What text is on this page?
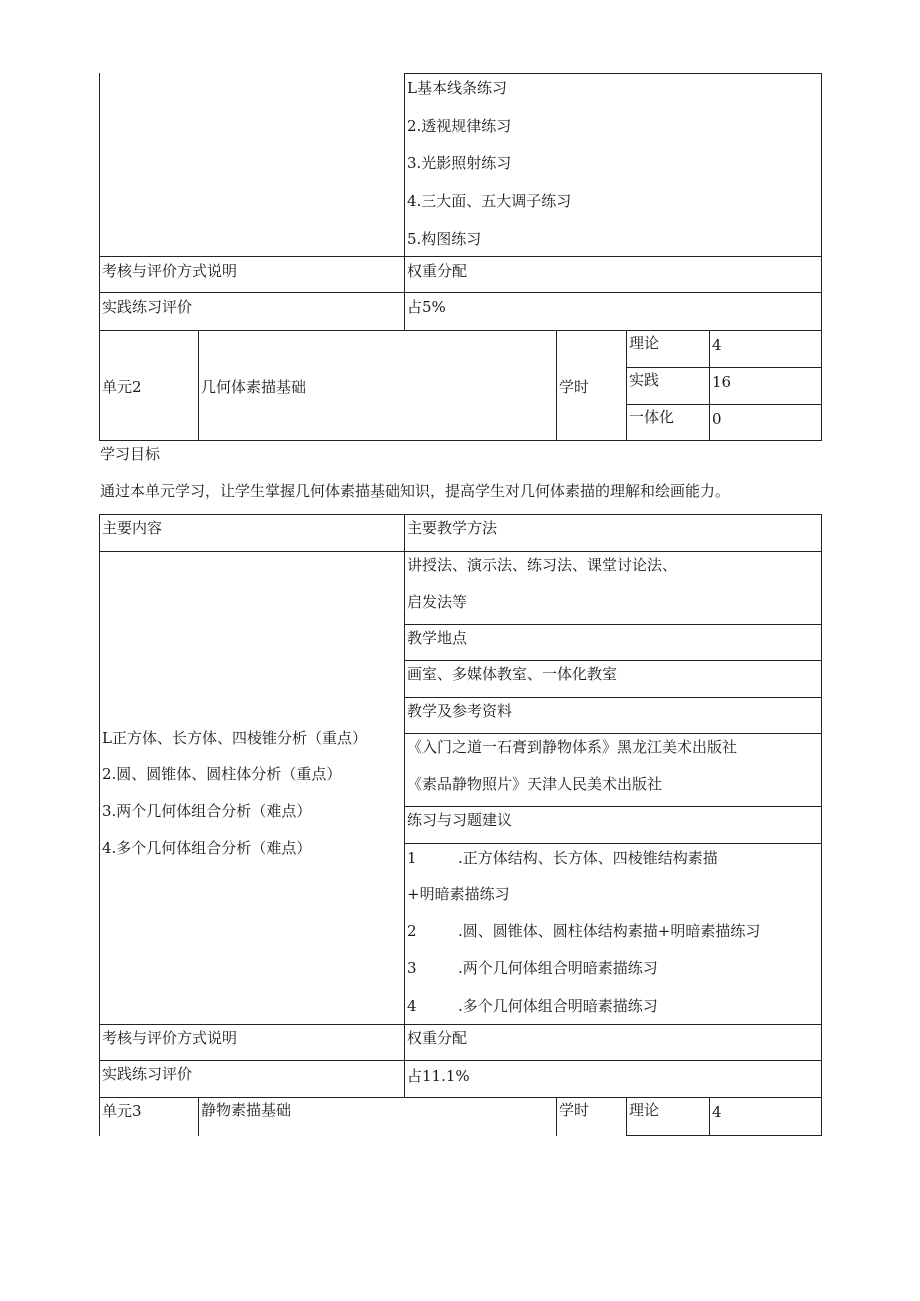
L基本线条练习
2.透视规律练习
3.光影照射练习
4.三大面、五大调子练习
5.构图练习
考核与评价方式说明	权重分配
实践练习评价	占5%
单元2	几何体素描基础	学时
理论	4
实践	16
一体化	0
学习目标
通过本单元学习，让学生掌握几何体素描基础知识，提高学生对几何体素描的理解和绘画能力。
主要内容	主要教学方法
L正方体、长方体、四棱锥分析（重点）
2.圆、圆锥体、圆柱体分析（重点）
3.两个几何体组合分析（难点）
4.多个几何体组合分析（难点）
讲授法、演示法、练习法、课堂讨论法、
启发法等
教学地点
画室、多媒体教室、一体化教室
教学及参考资料
《入门之道一石膏到静物体系》黑龙江美术出版社
《素品静物照片》天津人民美术出版社
练习与习题建议
1	.正方体结构、长方体、四棱锥结构素描
+明暗素描练习
2	.圆、圆锥体、圆柱体结构素描+明暗素描练习
3	.两个几何体组合明暗素描练习
4	.多个几何体组合明暗素描练习
考核与评价方式说明	权重分配
实践练习评价	占11.1%
单元3	静物素描基础	学时	理论	4
